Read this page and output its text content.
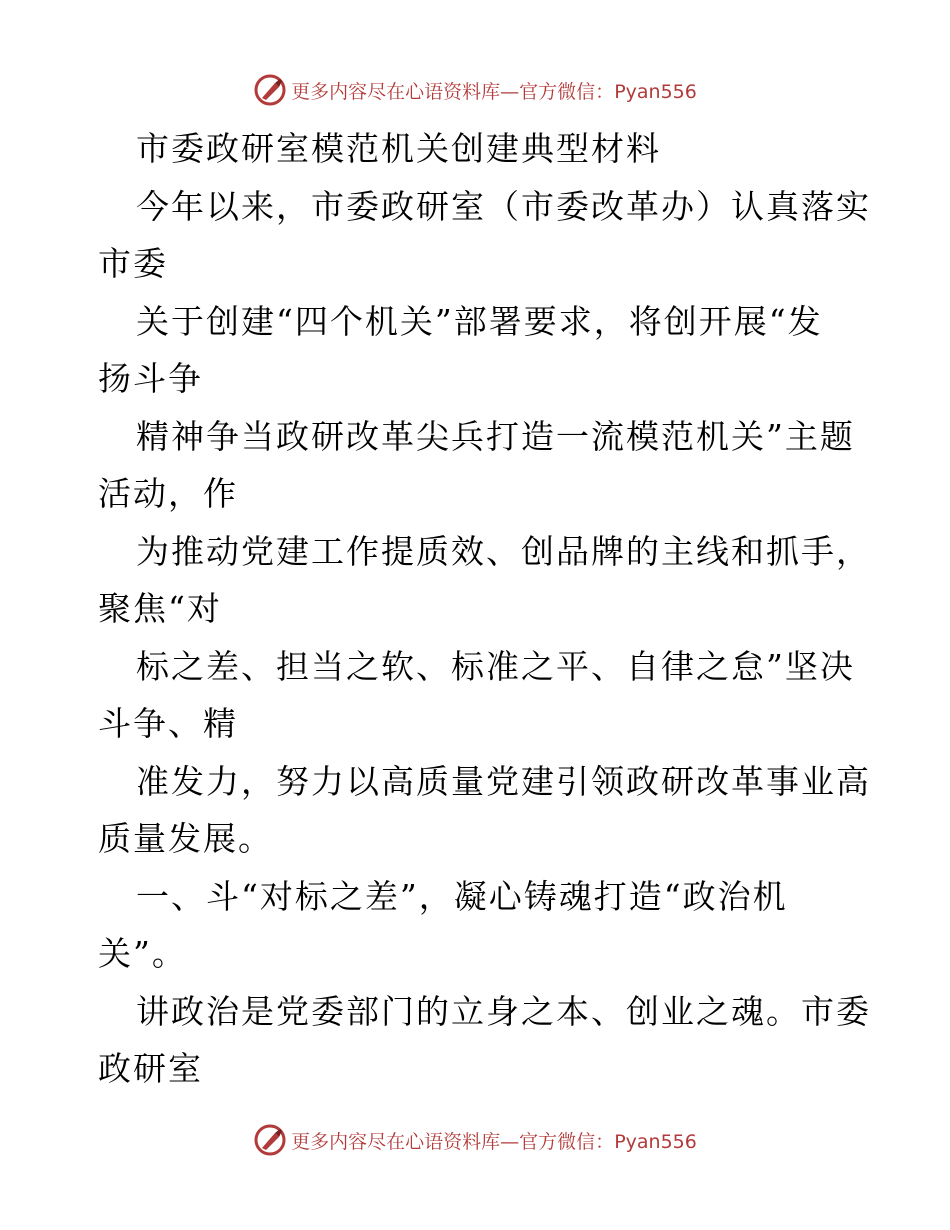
更多内容尽在心语资料库—官方微信：Pyan556
市委政研室模范机关创建典型材料
今年以来，市委政研室（市委改革办）认真落实
市委
关于创建“四个机关”部署要求，将创开展“发
扬斗争
精神争当政研改革尖兵打造一流模范机关”主题
活动，作
为推动党建工作提质效、创品牌的主线和抓手，
聚焦“对
标之差、担当之软、标准之平、自律之怠”坚决
斗争、精
准发力，努力以高质量党建引领政研改革事业高
质量发展。
一、斗“对标之差”，凝心铸魂打造“政治机
关”。
讲政治是党委部门的立身之本、创业之魂。市委
政研室
更多内容尽在心语资料库—官方微信：Pyan556
